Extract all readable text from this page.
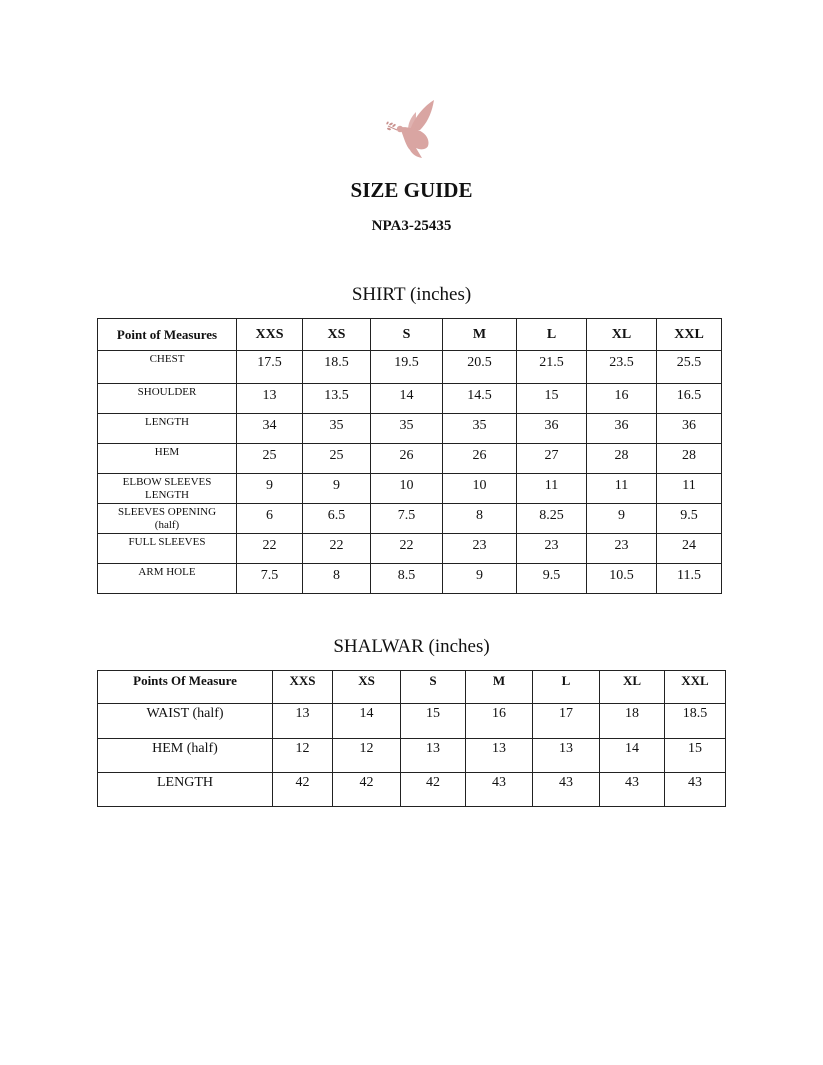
SIZE GUIDE
NPA3-25435
SHIRT (inches)
Point of Measures	XXS	XS	S	M	L	XL	XXL

CHEST	17.5	18.5	19.5	20.5	21.5	23.5	25.5

SHOULDER	13	13.5	14	14.5	15	16	16.5

LENGTH	34	35	35	35	36	36	36

HEM	25	25	26	26	27	28	28

ELBOW SLEEVES
LENGTH	9	9	10	10	11	11	11

SLEEVES OPENING
(half)	6	6.5	7.5	8	8.25	9	9.5

FULL SLEEVES	22	22	22	23	23	23	24

ARM HOLE	7.5	8	8.5	9	9.5	10.5	11.5
SHALWAR (inches)
Points Of Measure	XXS	XS	S	M	L	XL	XXL
WAIST (half)	13	14	15	16	17	18	18.5
HEM (half)	12	12	13	13	13	14	15
LENGTH	42	42	42	43	43	43	43
